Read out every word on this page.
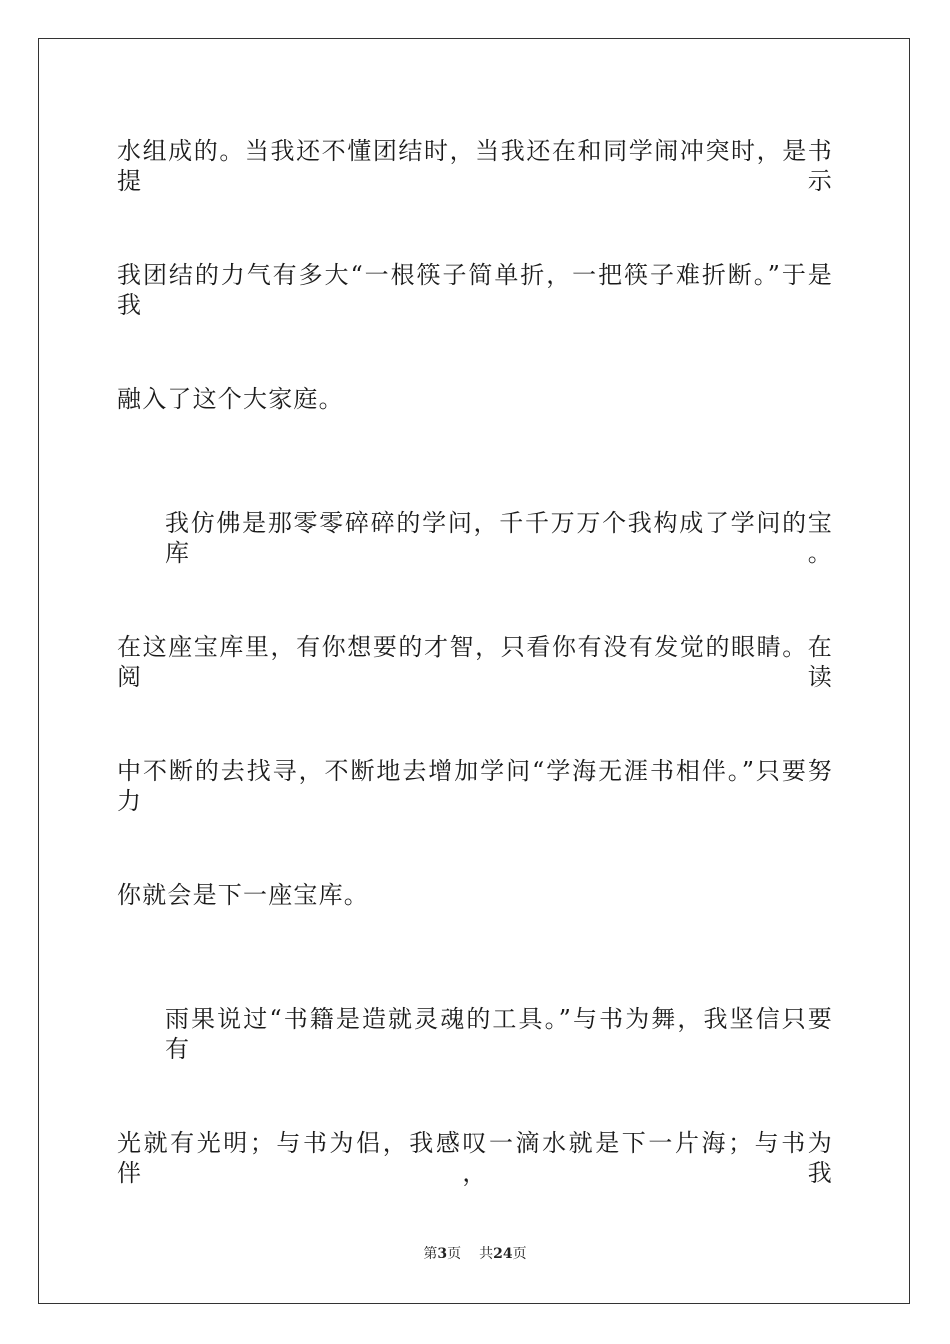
水组成的。当我还不懂团结时，当我还在和同学闹冲突时，是书提示
我团结的力气有多大“一根筷子简单折，一把筷子难折断。”于是我
融入了这个大家庭。
我仿佛是那零零碎碎的学问，千千万万个我构成了学问的宝库。
在这座宝库里，有你想要的才智，只看你有没有发觉的眼睛。在阅读
中不断的去找寻，不断地去增加学问“学海无涯书相伴。”只要努力
你就会是下一座宝库。
雨果说过“书籍是造就灵魂的工具。”与书为舞，我坚信只要有
光就有光明；与书为侣，我感叹一滴水就是下一片海；与书为伴，我
第3页 共24页
